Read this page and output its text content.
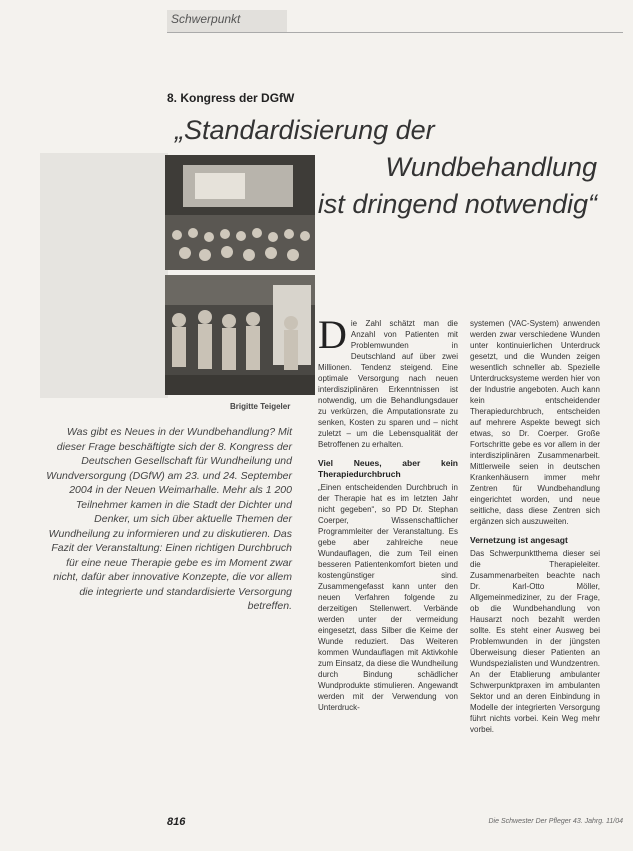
Schwerpunkt
8. Kongress der DGfW
„Standardisierung der
Wundbehandlung

ist dringend notwendig“
Brigitte Teigeler
Was gibt es Neues in der Wundbehandlung? Mit dieser Frage beschäftigte sich der 8. Kongress der Deutschen Gesellschaft für Wundheilung und Wundversorgung (DGfW) am 23. und 24. September 2004 in der Neuen Weimarhalle. Mehr als 1 200 Teilnehmer kamen in die Stadt der Dichter und Denker, um sich über aktuelle Themen der Wundheilung zu informieren und zu diskutieren. Das Fazit der Veranstaltung: Einen richtigen Durchbruch für eine neue Therapie gebe es im Moment zwar nicht, dafür aber innovative Konzepte, die vor allem die integrierte und standardisierte Versorgung betreffen.
D ie Zahl schätzt man die Anzahl von Patienten mit Problemwunden in Deutschland auf über zwei Millionen. Tendenz steigend. Eine optimale Versorgung nach neuen interdisziplinären Erkenntnissen ist notwendig, um die Behandlungsdauer zu verkürzen, die Amputationsrate zu senken, Kosten zu sparen und – nicht zuletzt – um die Lebensqualität der Betroffenen zu erhalten.

Viel Neues, aber kein Therapiedurchbruch

„Einen entscheidenden Durchbruch in der Therapie hat es im letzten Jahr nicht gegeben“, so PD Dr. Stephan Coerper, Wissenschaftlicher Programmleiter der Veranstaltung. Es gebe aber zahlreiche neue Wundauflagen, die zum Teil einen besseren Patientenkomfort bieten und kostengünstiger sind. Zusammengefasst kann unter den neuen Verfahren folgende zu derzeitigen Stellenwert. Verbände werden unter der vermeidung eingesetzt, dass Silber die Keime der Wunde reduziert. Das Weiteren kommen Wundauflagen mit Aktivkohle zum Einsatz, da diese die Wundheilung durch Bindung schädlicher Wundprodukte stimulieren. Angewandt werden mit der Verwendung von Unterdruck-

systemen (VAC-System) anwenden werden zwar verschiedene Wunden unter kontinuierlichen Unterdruck gesetzt, und die Wunden zeigen wesentlich schneller ab. Spezielle Unterdrucksysteme werden hier von der Industrie angeboten. Auch kann kein entscheidender Therapiedurchbruch, entscheiden auf mehrere Aspekte bewegt sich etwas, so Dr. Coerper. Große Fortschritte gebe es vor allem in der interdisziplinären Zusammenarbeit. Mittlerweile seien in deutschen Krankenhäusern immer mehr Zentren für Wundbehandlung eingerichtet worden, und neue seitliche, dass diese Zentren sich ergänzen sich auszuweiten.

Vernetzung ist angesagt

Das Schwerpunktthema dieser sei die Therapieleiter. Zusammenarbeiten beachte nach Dr. Karl-Otto Möller, Allgemeinmediziner, zu der Frage, ob die Wundbehandlung von Hausarzt noch bezahlt werden sollte. Es steht einer Ausweg bei Problemwunden in der jüngsten Überweisung dieser Patienten an Wundspezialisten und Wundzentren. An der Etablierung ambulanter Schwerpunktpraxen im ambulanten Sektor und an deren Einbindung in Modelle der integrierten Versorgung führt nichts vorbei. Kein Weg mehr vorbei.

816	Die Schwester Der Pfleger 43. Jahrg. 11/04
